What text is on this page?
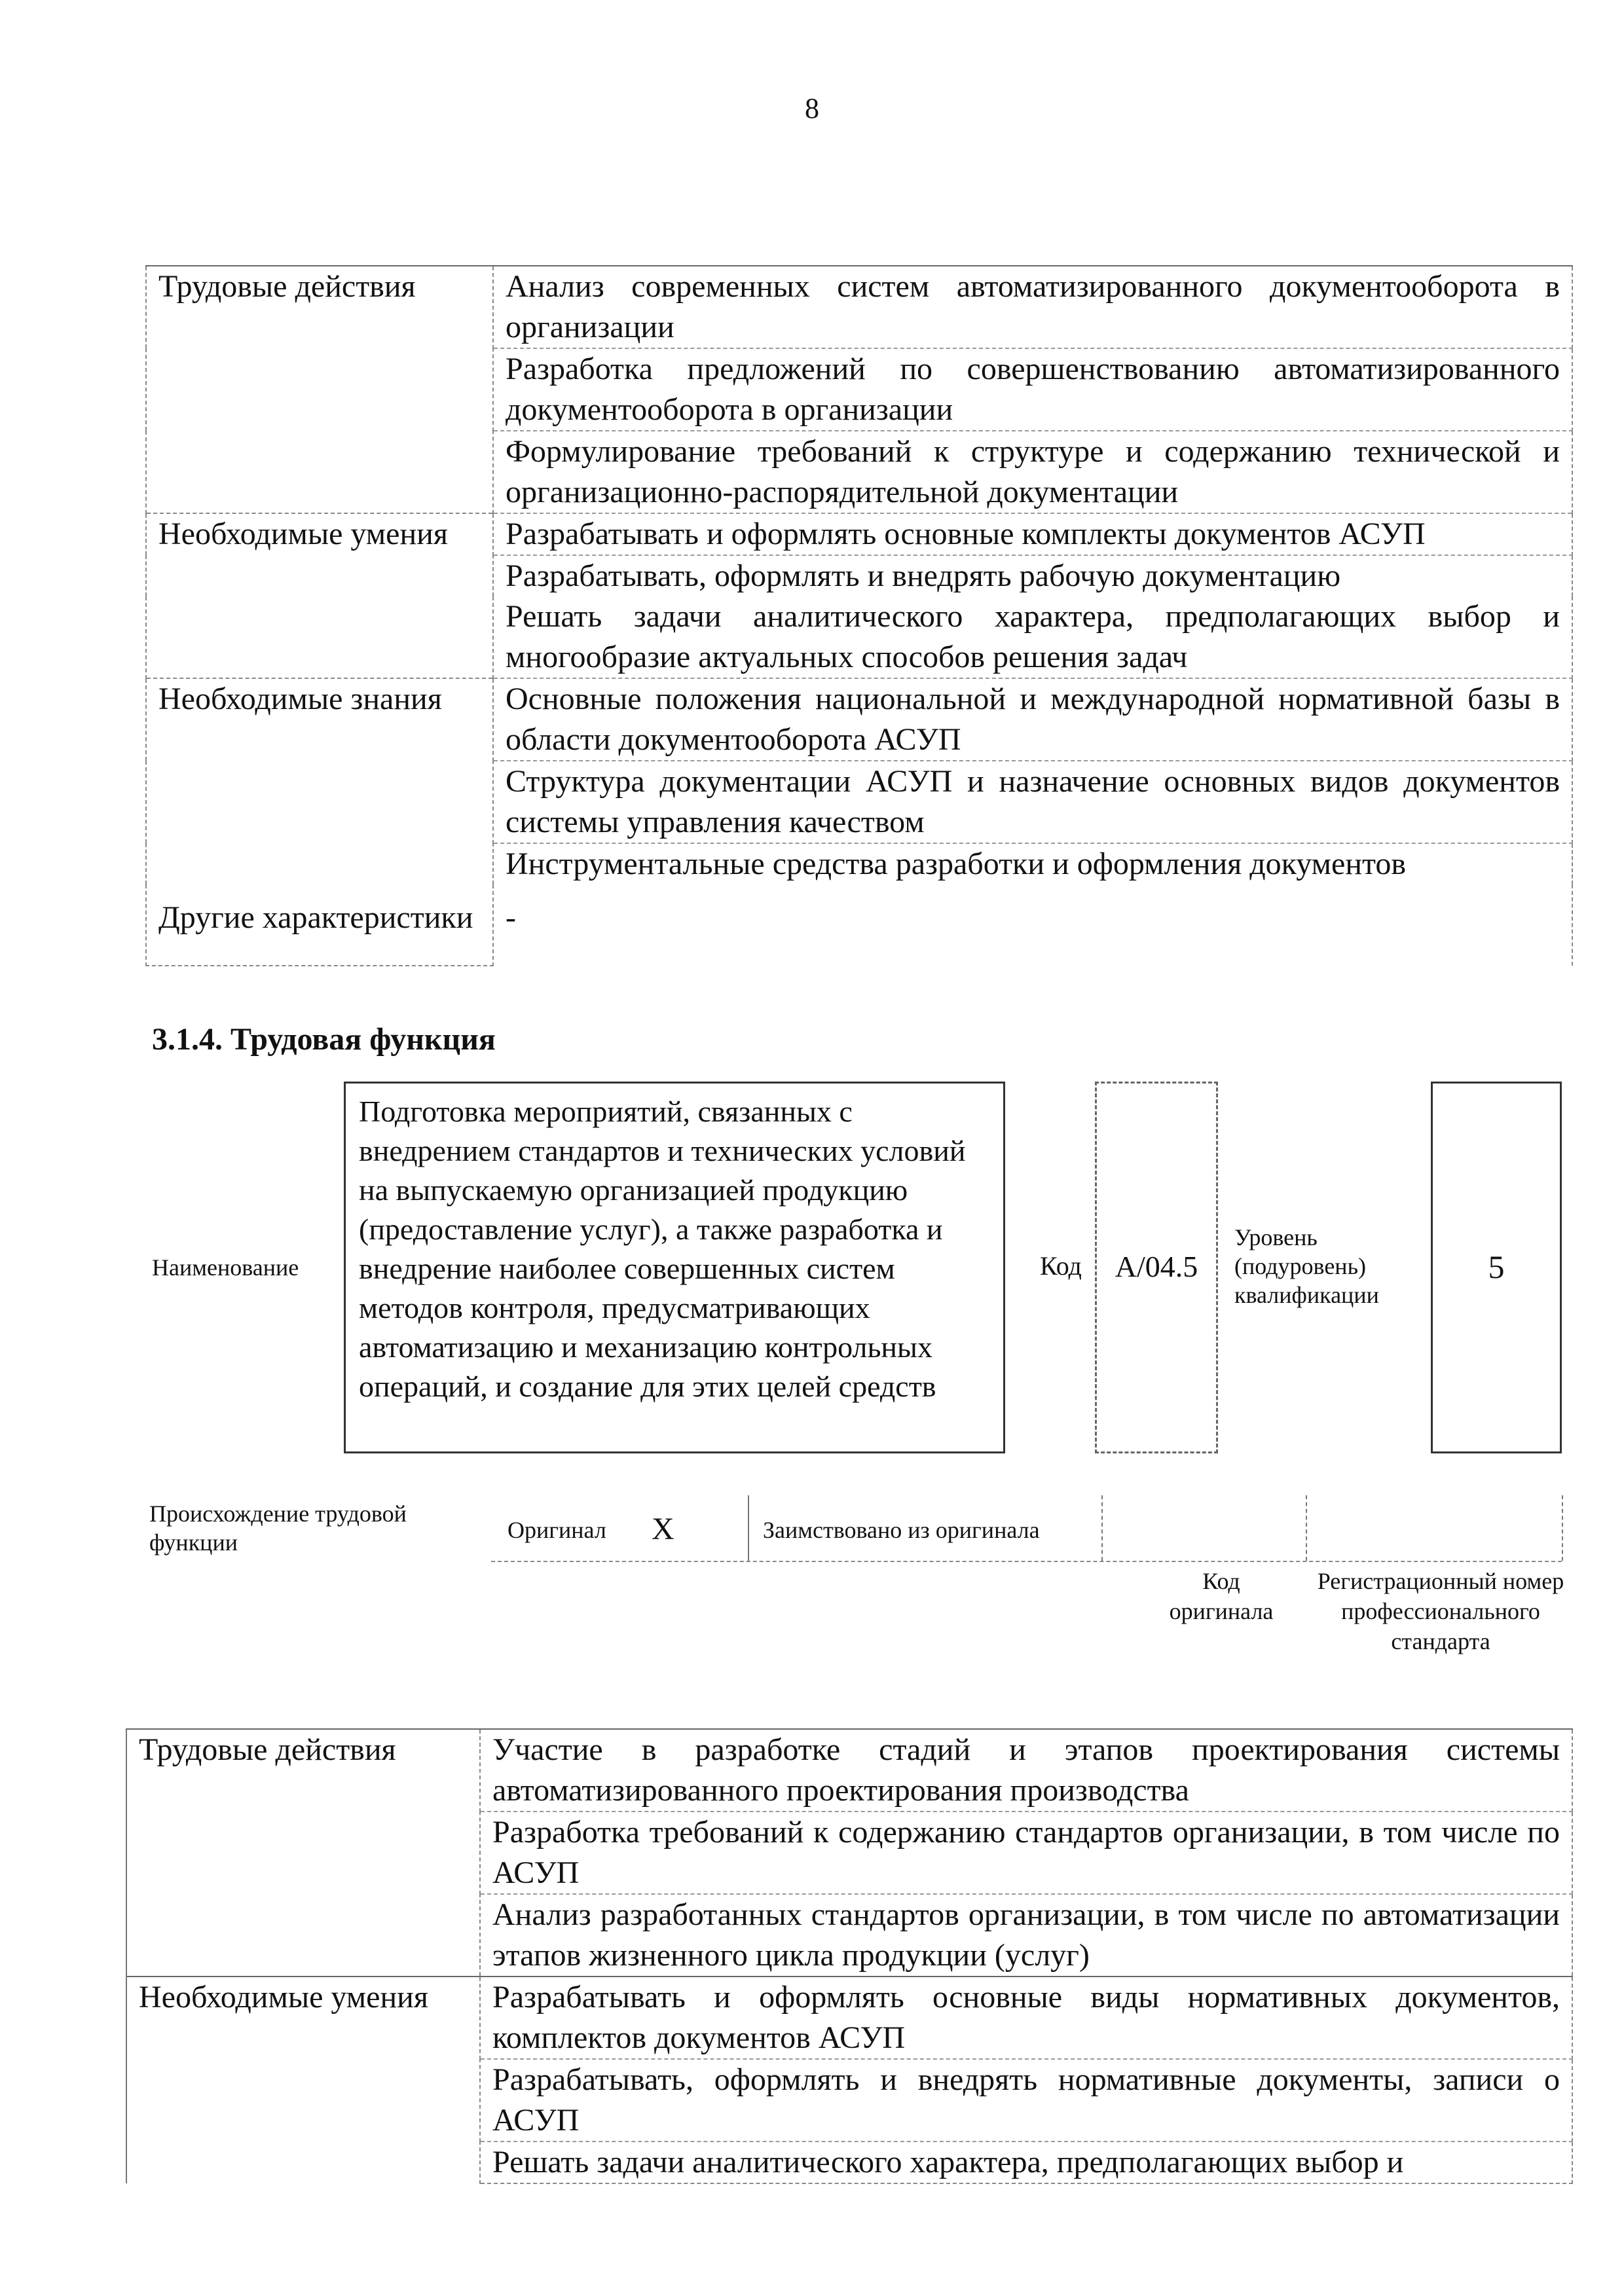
8
Трудовые действия	Анализ современных систем автоматизированного документооборота в организации
	Разработка предложений по совершенствованию автоматизированного документооборота в организации
	Формулирование требований к структуре и содержанию технической и организационно-распорядительной документации
Необходимые умения	Разрабатывать и оформлять основные комплекты документов АСУП
	Разрабатывать, оформлять и внедрять рабочую документацию
	Решать задачи аналитического характера, предполагающих выбор и многообразие актуальных способов решения задач
Необходимые знания	Основные положения национальной и международной нормативной базы в области документооборота АСУП
	Структура документации АСУП и назначение основных видов документов системы управления качеством
	Инструментальные средства разработки и оформления документов
Другие характеристики	-
3.1.4. Трудовая функция
Наименование
Подготовка мероприятий, связанных с внедрением стандартов и технических условий на выпускаемую организацией продукцию (предоставление услуг), а также разработка и внедрение наиболее совершенных систем методов контроля, предусматривающих автоматизацию и механизацию контрольных операций, и создание для этих целей средств
Код	A/04.5
Уровень (подуровень) квалификации
5
Происхождение трудовой функции	Оригинал X	Заимствовано из оригинала
Код оригинала
Регистрационный номер профессионального стандарта
Трудовые действия	Участие в разработке стадий и этапов проектирования системы автоматизированного проектирования производства
	Разработка требований к содержанию стандартов организации, в том числе по АСУП
	Анализ разработанных стандартов организации, в том числе по автоматизации этапов жизненного цикла продукции (услуг)
Необходимые умения	Разрабатывать и оформлять основные виды нормативных документов, комплектов документов АСУП
	Разрабатывать, оформлять и внедрять нормативные документы, записи о АСУП
	Решать задачи аналитического характера, предполагающих выбор и
